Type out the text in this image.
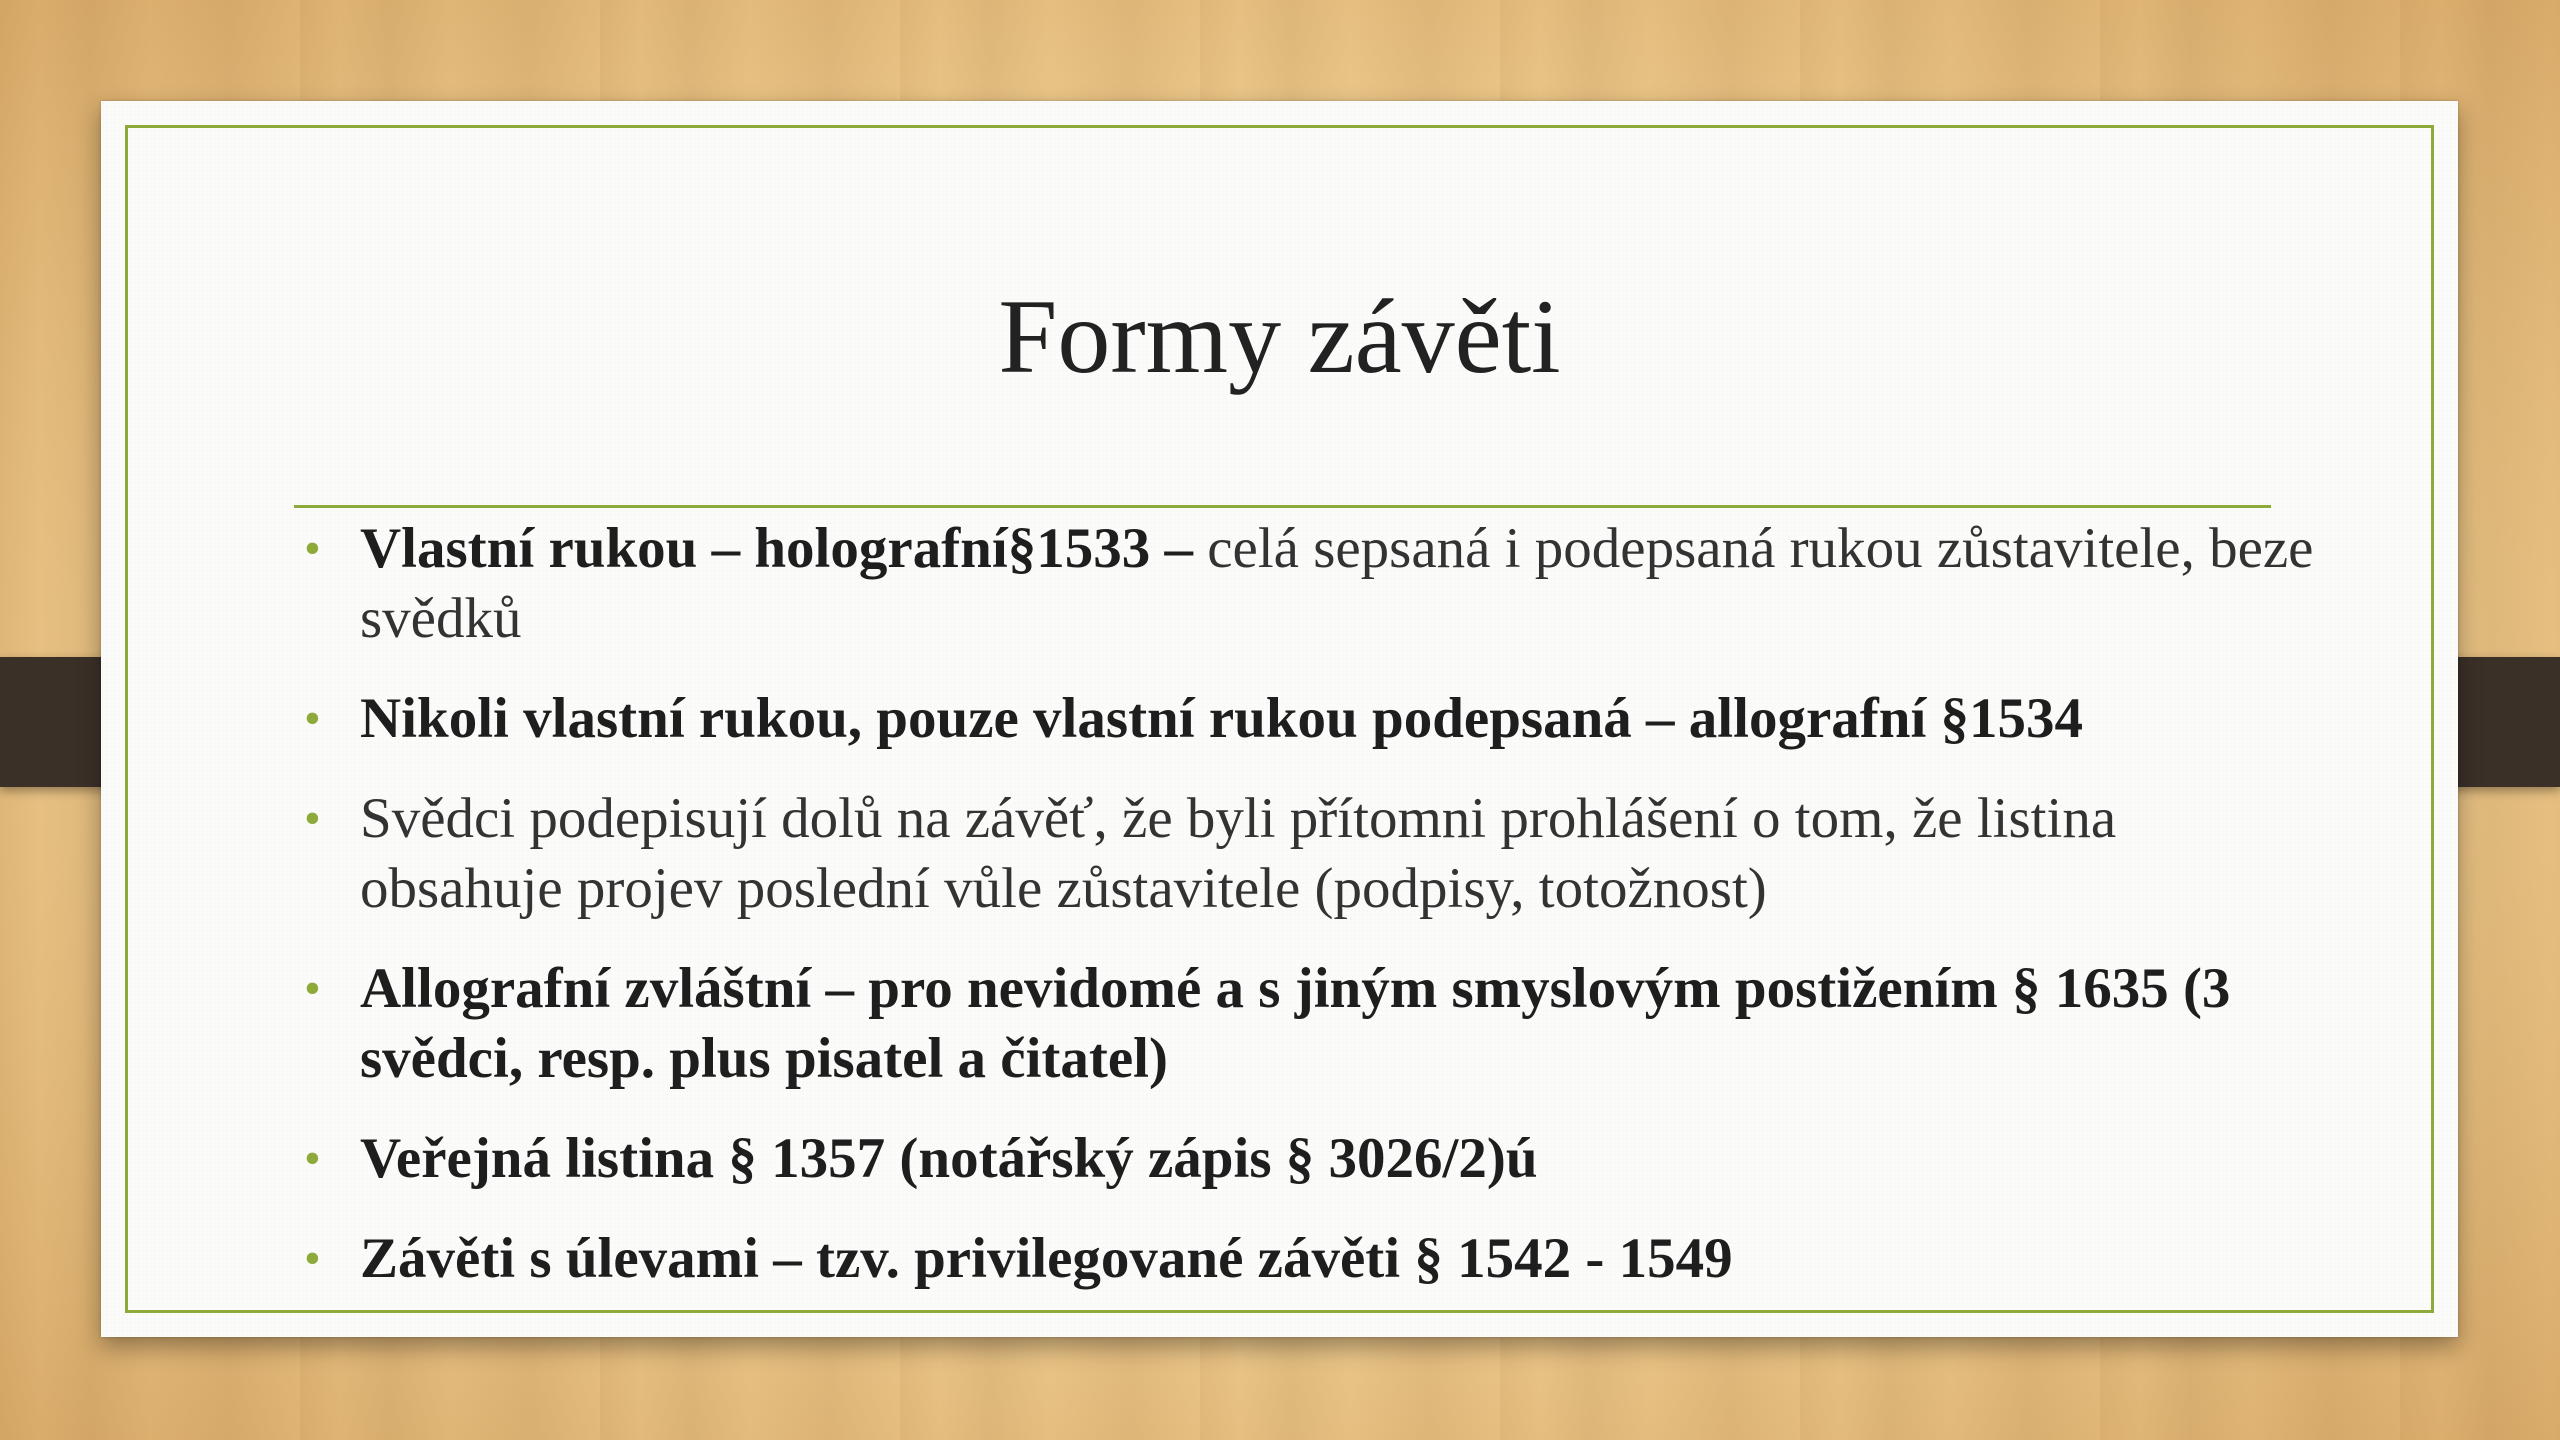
Formy závěti
• Vlastní rukou – holografní§1533 – celá sepsaná i podepsaná rukou zůstavitele, beze svědků
• Nikoli vlastní rukou, pouze vlastní rukou podepsaná – allografní §1534
• Svědci podepisují dolů na závěť, že byli přítomni prohlášení o tom, že listina obsahuje projev poslední vůle zůstavitele (podpisy, totožnost)
• Allografní zvláštní – pro nevidomé a s jiným smyslovým postižením § 1635 (3 svědci, resp. plus pisatel a čitatel)
• Veřejná listina § 1357 (notářský zápis § 3026/2)ú
• Závěti s úlevami – tzv. privilegované závěti § 1542 - 1549
